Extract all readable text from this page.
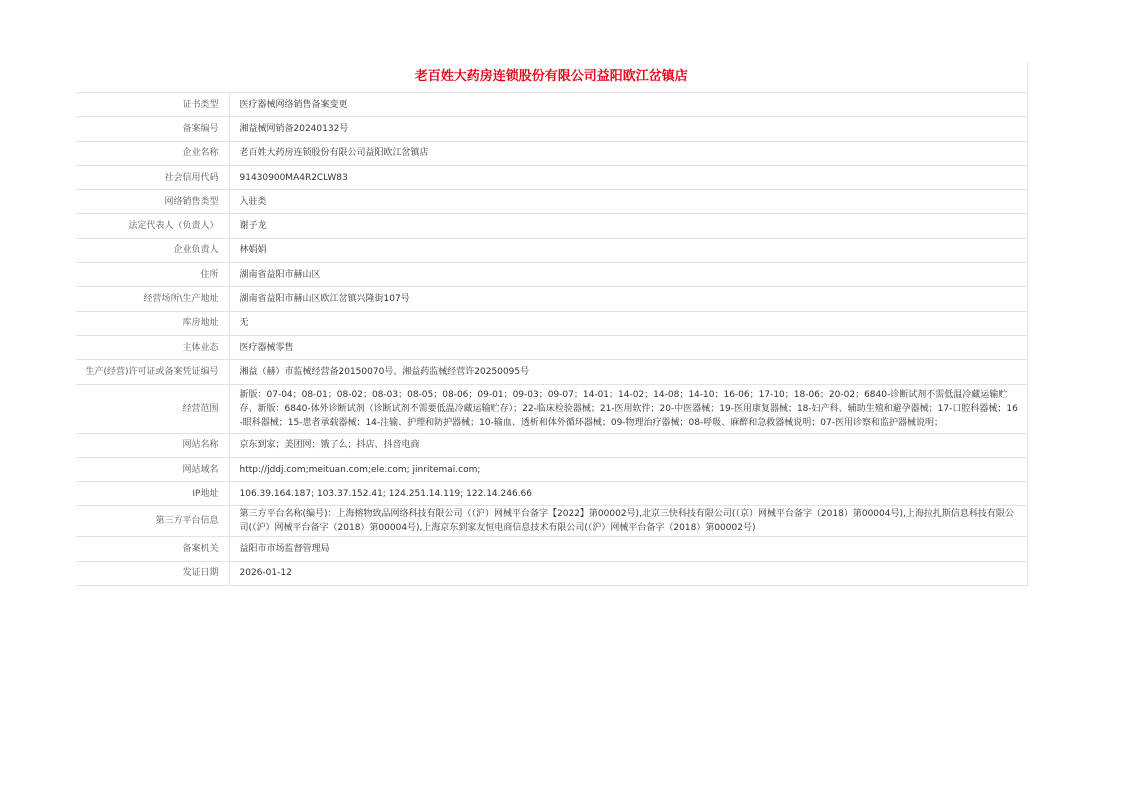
老百姓大药房连锁股份有限公司益阳欧江岔镇店	
证书类型	医疗器械网络销售备案变更
备案编号	湘益械网销备20240132号
企业名称	老百姓大药房连锁股份有限公司益阳欧江岔镇店
社会信用代码	91430900MA4R2CLW83
网络销售类型	入驻类
法定代表人（负责人）	谢子龙
企业负责人	林娟娟
住所	湖南省益阳市赫山区
经营场所\生产地址	湖南省益阳市赫山区欧江岔镇兴隆街107号
库房地址	无
主体业态	医疗器械零售
生产(经营)许可证或备案凭证编号	湘益（赫）市监械经营备20150070号、湘益药监械经营许20250095号
经营范围	新版：07-04；08-01；08-02；08-03；08-05；08-06；09-01；09-03；09-07；14-01；14-02；14-08；14-10；16-06；17-10；18-06；20-02；6840-诊断试剂不需低温冷藏运输贮存、新版：6840-体外诊断试剂（诊断试剂不需要低温冷藏运输贮存）；22-临床检验器械；21-医用软件；20-中医器械；19-医用康复器械；18-妇产科、辅助生殖和避孕器械；17-口腔科器械；16-眼科器械；15-患者承载器械；14-注输、护理和防护器械；10-输血、透析和体外循环器械；09-物理治疗器械；08-呼吸、麻醉和急救器械说明；07-医用诊察和监护器械说明；
网站名称	京东到家；美团网；饿了么；抖店、抖音电商
网站域名	http://jddj.com;meituan.com;ele.com; jinritemai.com;
IP地址	106.39.164.187; 103.37.152.41; 124.251.14.119; 122.14.246.66
第三方平台信息	第三方平台名称(编号)：上海榕物致品网络科技有限公司（（沪）网械平台备字【2022】第00002号),北京三快科技有限公司(（京）网械平台备字（2018）第00004号),上海拉扎斯信息科技有限公司(（沪）网械平台备字（2018）第00004号),上海京东到家友恒电商信息技术有限公司(（沪）网械平台备字（2018）第00002号)
备案机关	益阳市市场监督管理局
发证日期	2026-01-12
